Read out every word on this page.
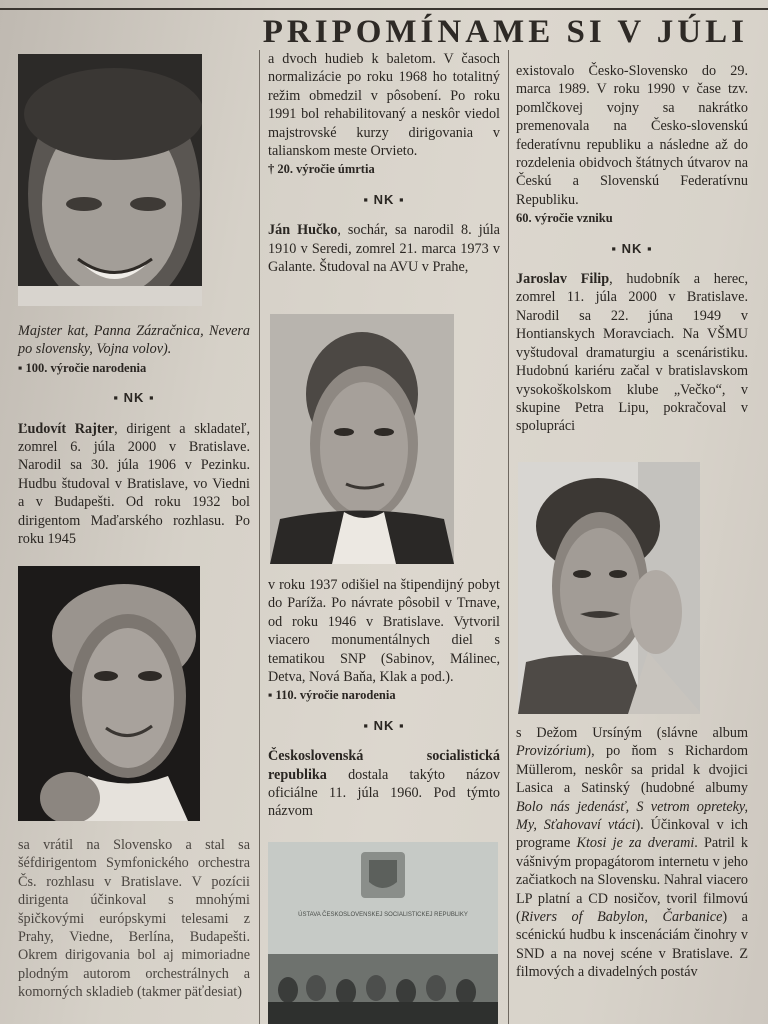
PRIPOMÍNAME SI V JÚLI

Majster kat, Panna Zázračnica, Nevera po slovensky, Vojna volov).

▪ 100. výročie narodenia

▪ NK ▪

Ľudovít Rajter, dirigent a skladateľ, zomrel 6. júla 2000 v Bratislave. Narodil sa 30. júla 1906 v Pezinku. Hudbu študoval v Bratislave, vo Viedni a v Budapešti. Od roku 1932 bol dirigentom Maďarského rozhlasu. Po roku 1945

sa vrátil na Slovensko a stal sa šéfdirigentom Symfonického orchestra Čs. rozhlasu v Bratislave. V pozícii dirigenta účinkoval s mnohými špičkovými európskymi telesami z Prahy, Viedne, Berlína, Budapešti. Okrem dirigovania bol aj mimoriadne plodným autorom orchestrálnych a komorných skladieb (takmer päťdesiat)

a dvoch hudieb k baletom. V časoch normalizácie po roku 1968 ho totalitný režim obmedzil v pôsobení. Po roku 1991 bol rehabilitovaný a neskôr viedol majstrovské kurzy dirigovania v talianskom meste Orvieto.

† 20. výročie úmrtia

▪ NK ▪

Ján Hučko, sochár, sa narodil 8. júla 1910 v Seredi, zomrel 21. marca 1973 v Galante. Študoval na AVU v Prahe,

v roku 1937 odišiel na štipendijný pobyt do Paríža. Po návrate pôsobil v Trnave, od roku 1946 v Bratislave. Vytvoril viacero monumentálnych diel s tematikou SNP (Sabinov, Málinec, Detva, Nová Baňa, Klak a pod.).

▪ 110. výročie narodenia

▪ NK ▪

Československá socialistická republika dostala takýto názov oficiálne 11. júla 1960. Pod týmto názvom

ÚSTAVA ČESKOSLOVENSKEJ SOCIALISTICKEJ REPUBLIKY

existovalo Česko-Slovensko do 29. marca 1989. V roku 1990 v čase tzv. pomlčkovej vojny sa nakrátko premenovala na Česko-slovenskú federatívnu republiku a následne až do rozdelenia obidvoch štátnych útvarov na Českú a Slovenskú Federatívnu Republiku.

60. výročie vzniku

▪ NK ▪

Jaroslav Filip, hudobník a herec, zomrel 11. júla 2000 v Bratislave. Narodil sa 22. júna 1949 v Hontianskych Moravciach. Na VŠMU vyštudoval dramaturgiu a scenáristiku. Hudobnú kariéru začal v bratislavskom vysokoškolskom klube „Večko“, v skupine Petra Lipu, pokračoval v spolupráci

s Dežom Ursíným (slávne album Provizórium), po ňom s Richardom Müllerom, neskôr sa pridal k dvojici Lasica a Satinský (hudobné albumy Bolo nás jedenásť, S vetrom opreteky, My, Sťahovaví vtáci). Účinkoval v ich programe Ktosi je za dverami. Patril k vášnivým propagátorom internetu v jeho začiatkoch na Slovensku. Nahral viacero LP platní a CD nosičov, tvoril filmovú (Rivers of Babylon, Čarbanice) a scénickú hudbu k inscenáciám činohry v SND a na novej scéne v Bratislave. Z filmových a divadelných postáv
